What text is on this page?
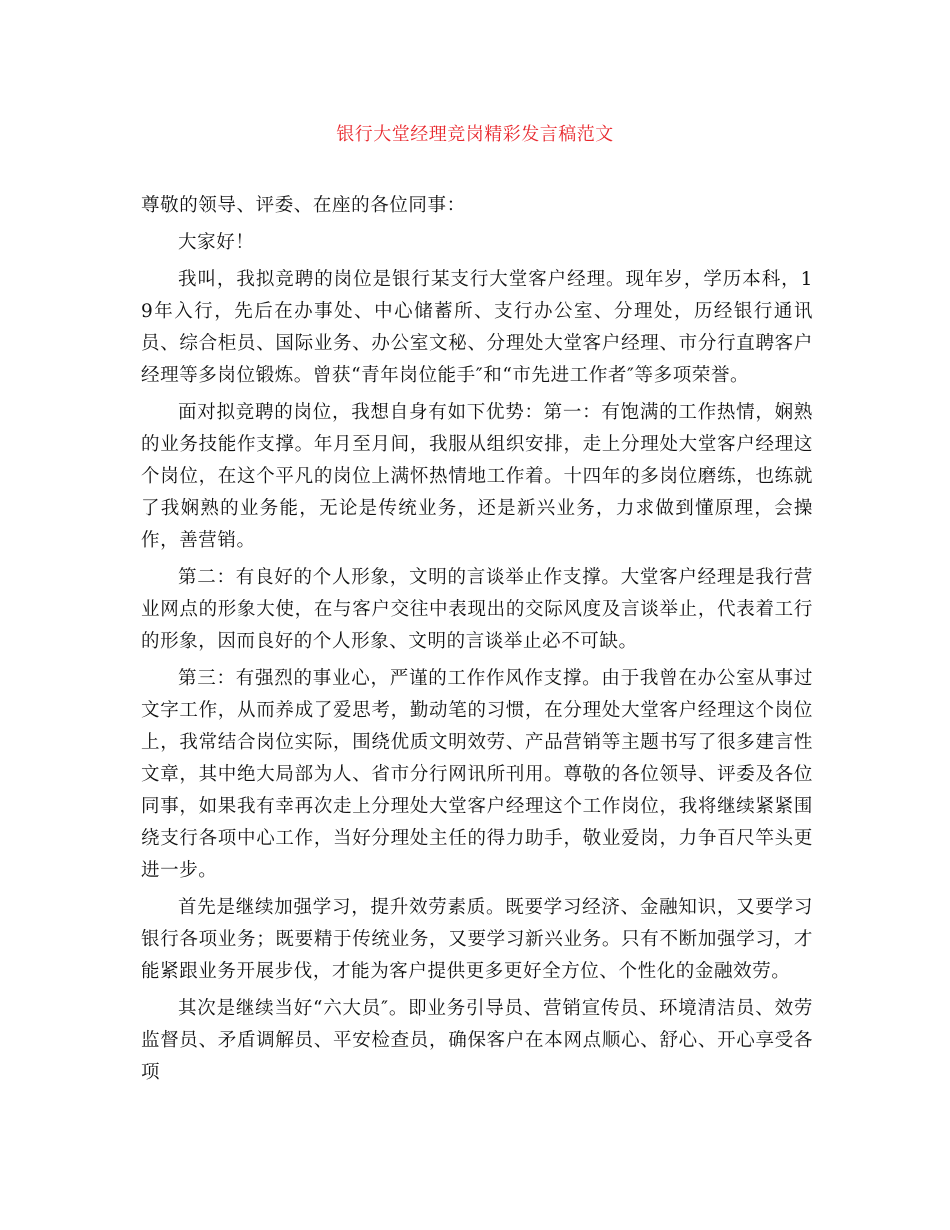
银行大堂经理竞岗精彩发言稿范文

尊敬的领导、评委、在座的各位同事：

大家好！

我叫，我拟竞聘的岗位是银行某支行大堂客户经理。现年岁，学历本科，19年入行，先后在办事处、中心储蓄所、支行办公室、分理处，历经银行通讯员、综合柜员、国际业务、办公室文秘、分理处大堂客户经理、市分行直聘客户经理等多岗位锻炼。曾获“青年岗位能手″和“市先进工作者″等多项荣誉。

面对拟竞聘的岗位，我想自身有如下优势：第一：有饱满的工作热情，娴熟的业务技能作支撑。年月至月间，我服从组织安排，走上分理处大堂客户经理这个岗位，在这个平凡的岗位上满怀热情地工作着。十四年的多岗位磨练，也练就了我娴熟的业务能，无论是传统业务，还是新兴业务，力求做到懂原理，会操作，善营销。

第二：有良好的个人形象，文明的言谈举止作支撑。大堂客户经理是我行营业网点的形象大使，在与客户交往中表现出的交际风度及言谈举止，代表着工行的形象，因而良好的个人形象、文明的言谈举止必不可缺。

第三：有强烈的事业心，严谨的工作作风作支撑。由于我曾在办公室从事过文字工作，从而养成了爱思考，勤动笔的习惯，在分理处大堂客户经理这个岗位上，我常结合岗位实际，围绕优质文明效劳、产品营销等主题书写了很多建言性文章，其中绝大局部为人、省市分行网讯所刊用。尊敬的各位领导、评委及各位同事，如果我有幸再次走上分理处大堂客户经理这个工作岗位，我将继续紧紧围绕支行各项中心工作，当好分理处主任的得力助手，敬业爱岗，力争百尺竿头更进一步。

首先是继续加强学习，提升效劳素质。既要学习经济、金融知识，又要学习银行各项业务；既要精于传统业务，又要学习新兴业务。只有不断加强学习，才能紧跟业务开展步伐，才能为客户提供更多更好全方位、个性化的金融效劳。

其次是继续当好“六大员″。即业务引导员、营销宣传员、环境清洁员、效劳监督员、矛盾调解员、平安检查员，确保客户在本网点顺心、舒心、开心享受各项
